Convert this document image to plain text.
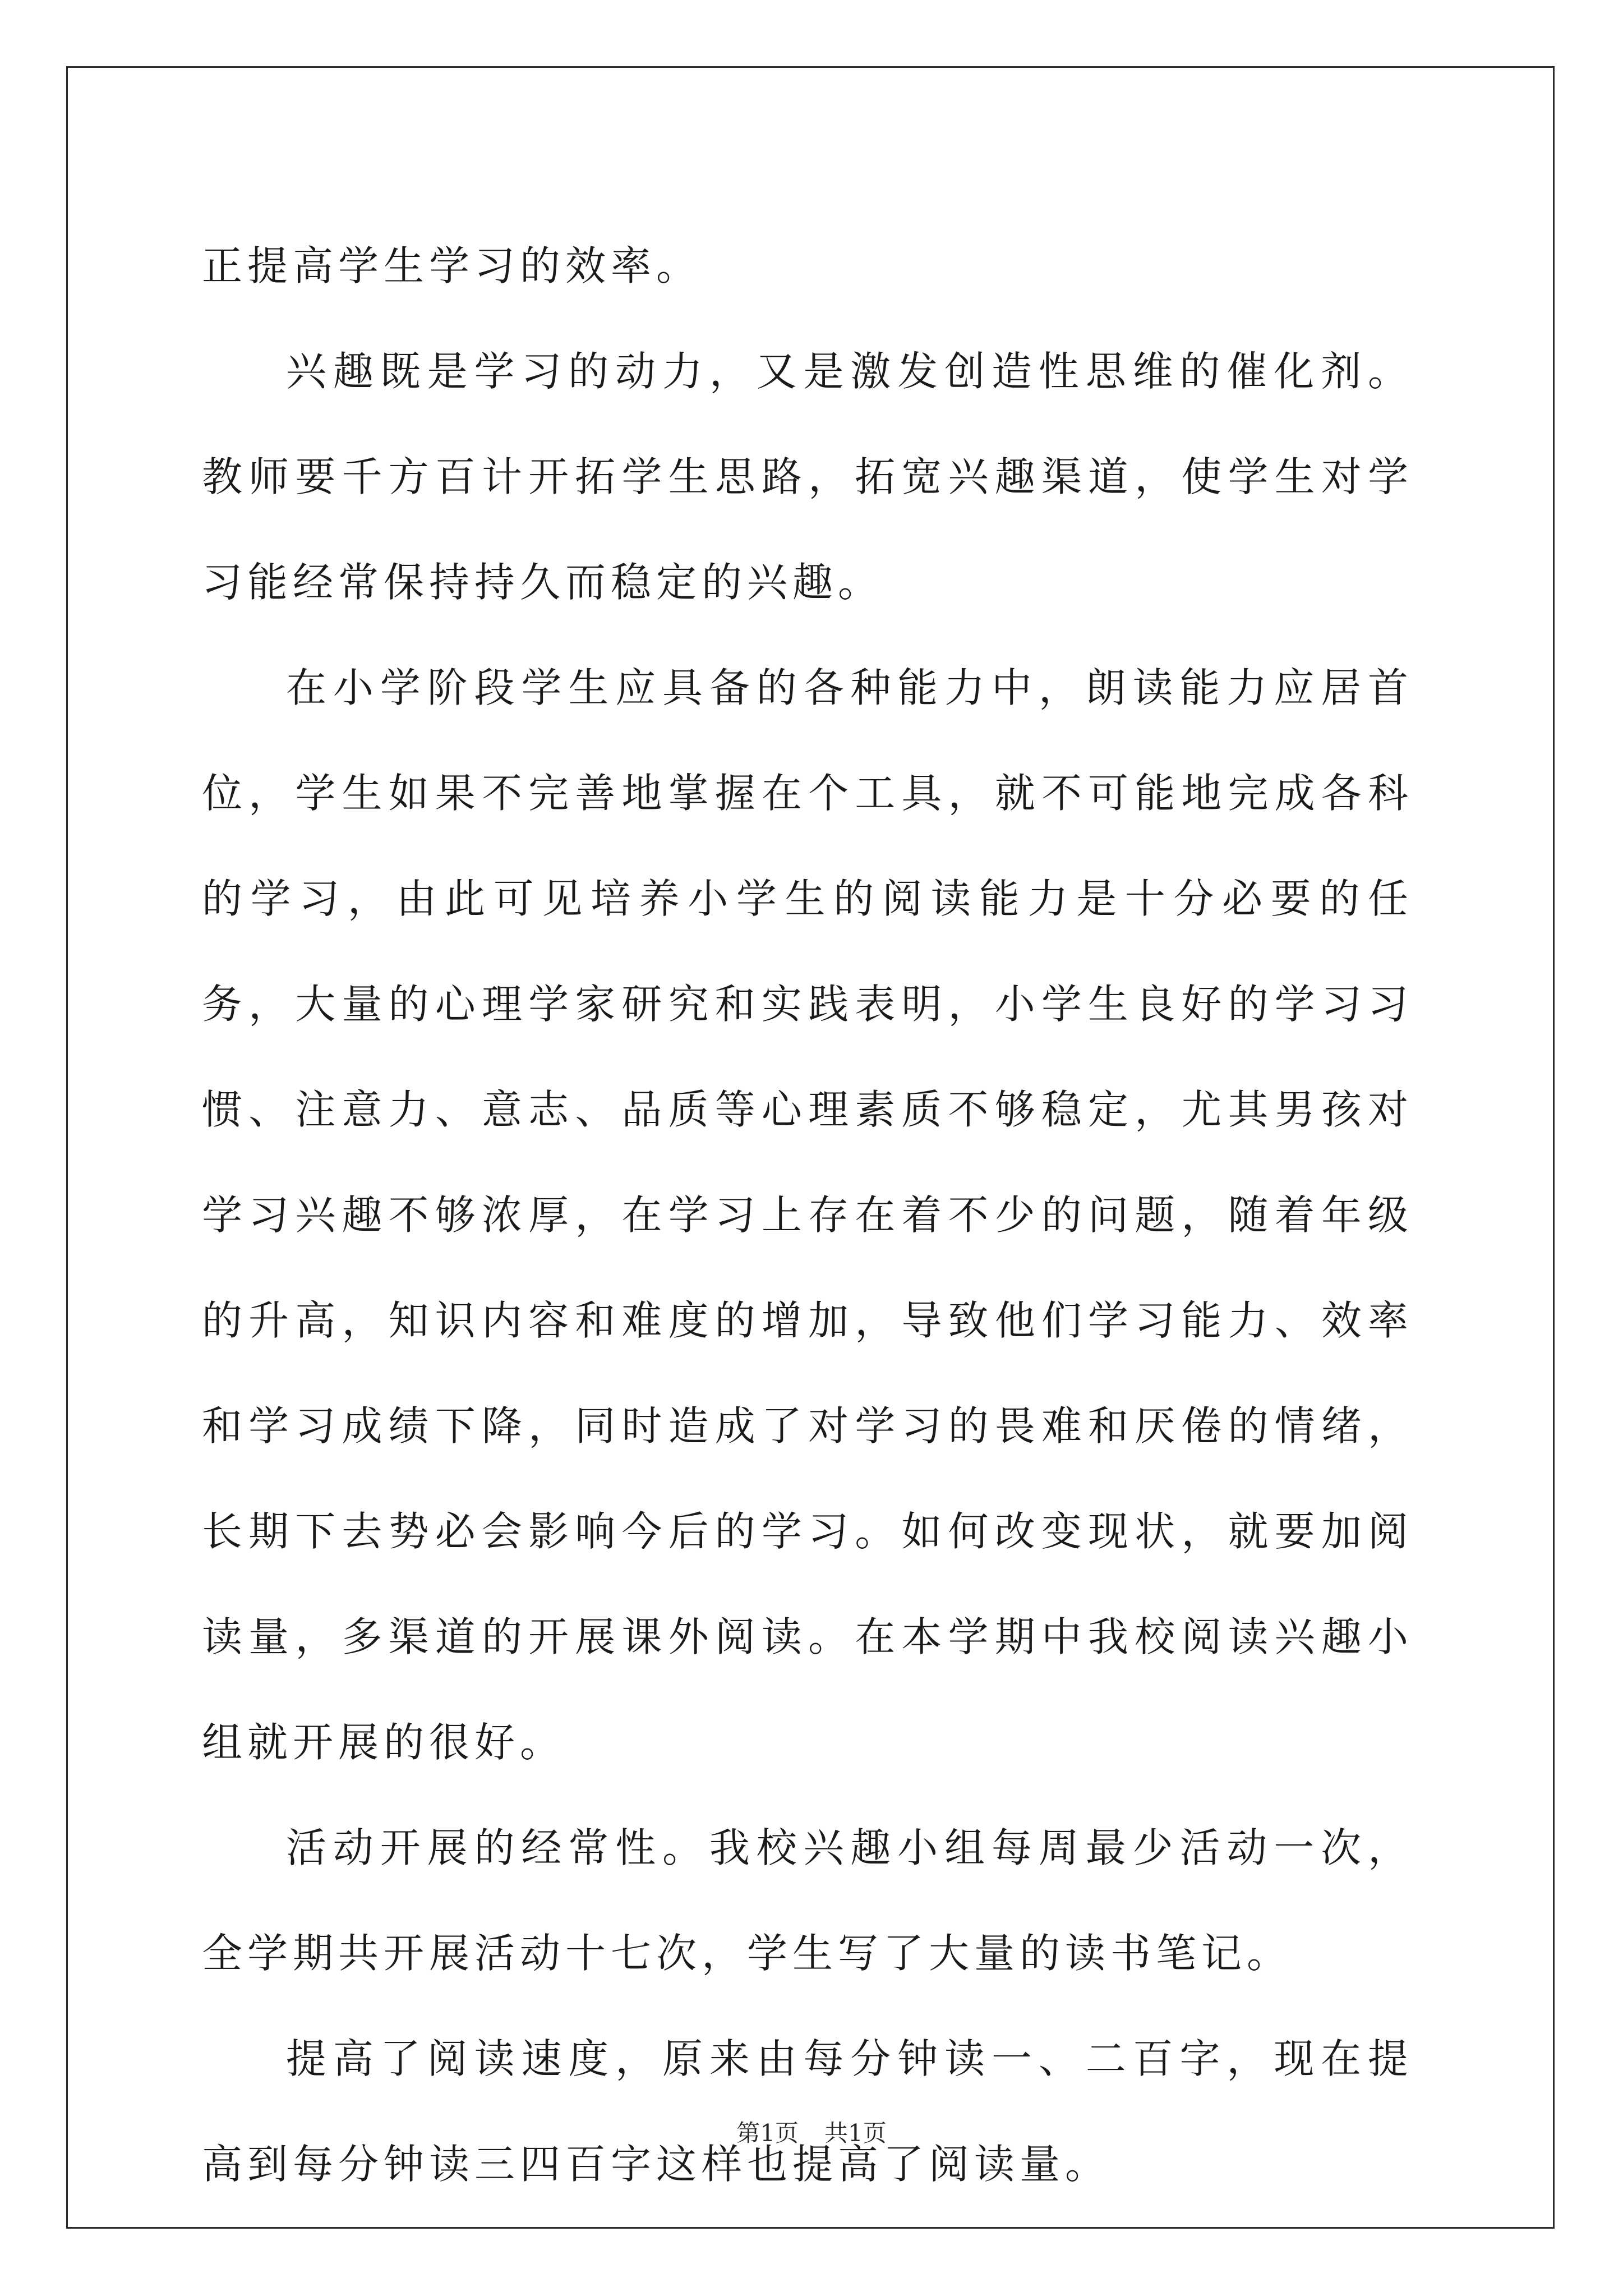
正提高学生学习的效率。

兴趣既是学习的动力，又是激发创造性思维的催化剂。教师要千方百计开拓学生思路，拓宽兴趣渠道，使学生对学习能经常保持持久而稳定的兴趣。

在小学阶段学生应具备的各种能力中，朗读能力应居首位，学生如果不完善地掌握在个工具，就不可能地完成各科的学习，由此可见培养小学生的阅读能力是十分必要的任务，大量的心理学家研究和实践表明，小学生良好的学习习惯、注意力、意志、品质等心理素质不够稳定，尤其男孩对学习兴趣不够浓厚，在学习上存在着不少的问题，随着年级的升高，知识内容和难度的增加，导致他们学习能力、效率和学习成绩下降，同时造成了对学习的畏难和厌倦的情绪，长期下去势必会影响今后的学习。如何改变现状，就要加阅读量，多渠道的开展课外阅读。在本学期中我校阅读兴趣小组就开展的很好。

活动开展的经常性。我校兴趣小组每周最少活动一次，全学期共开展活动十七次，学生写了大量的读书笔记。

提高了阅读速度，原来由每分钟读一、二百字，现在提高到每分钟读三四百字这样也提高了阅读量。

第1页 共1页
